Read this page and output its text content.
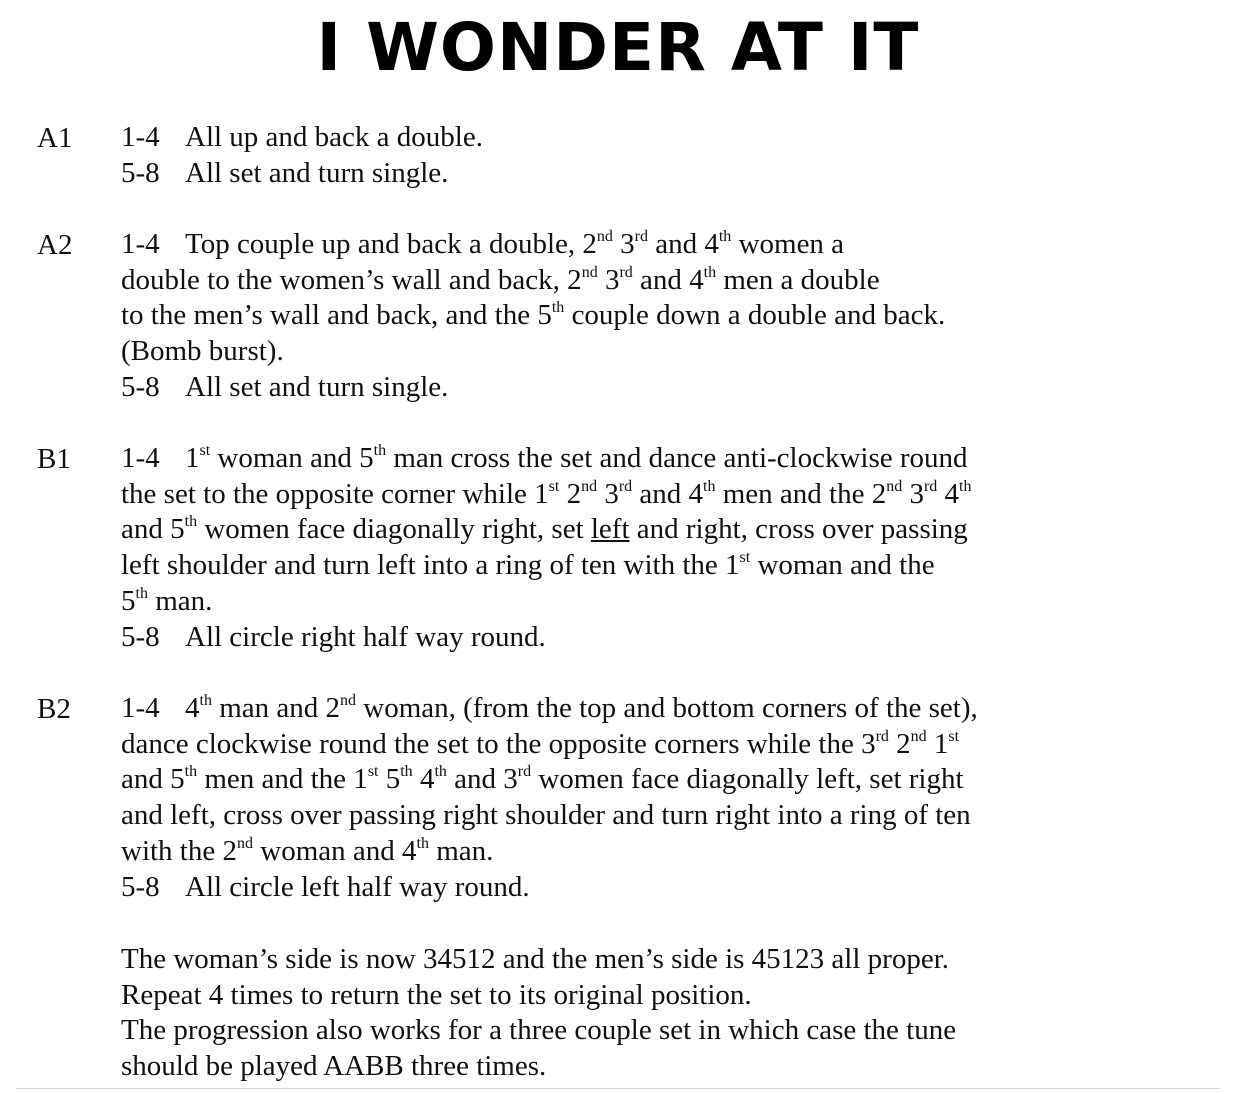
I WONDER AT IT
A1 1-4 All up and back a double.
5-8 All set and turn single.
A2 1-4 Top couple up and back a double, 2nd 3rd and 4th women a
double to the women’s wall and back, 2nd 3rd and 4th men a double
to the men’s wall and back, and the 5th couple down a double and back.
(Bomb burst).
5-8 All set and turn single.
B1 1-4 1st woman and 5th man cross the set and dance anti-clockwise round
the set to the opposite corner while 1st 2nd 3rd and 4th men and the 2nd 3rd 4th
and 5th women face diagonally right, set left and right, cross over passing
left shoulder and turn left into a ring of ten with the 1st woman and the
5th man.
5-8 All circle right half way round.
B2 1-4 4th man and 2nd woman, (from the top and bottom corners of the set),
dance clockwise round the set to the opposite corners while the 3rd 2nd 1st
and 5th men and the 1st 5th 4th and 3rd women face diagonally left, set right
and left, cross over passing right shoulder and turn right into a ring of ten
with the 2nd woman and 4th man.
5-8 All circle left half way round.
The woman’s side is now 34512 and the men’s side is 45123 all proper.
Repeat 4 times to return the set to its original position.
The progression also works for a three couple set in which case the tune
should be played AABB three times.
